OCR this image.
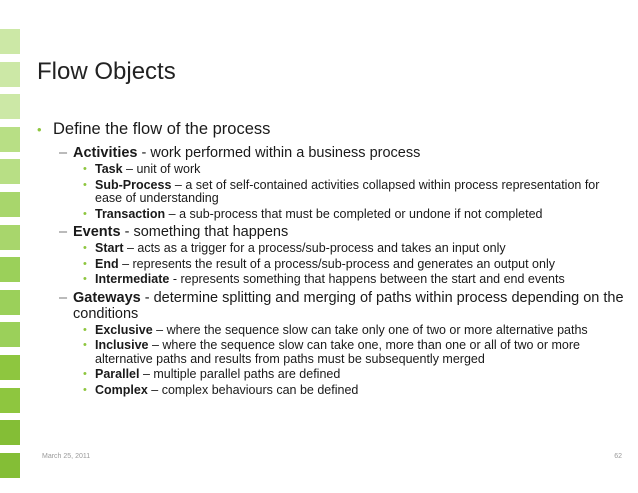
Flow Objects
• Define the flow of the process
– Activities - work performed within a business process
• Task – unit of work
• Sub-Process – a set of self-contained activities collapsed within process representation for ease of understanding
• Transaction – a sub-process that must be completed or undone if not completed
– Events - something that happens
• Start – acts as a trigger for a process/sub-process and takes an input only
• End – represents the result of a process/sub-process and generates an output only
• Intermediate - represents something that happens between the start and end events
– Gateways - determine splitting and merging of paths within process depending on the conditions
• Exclusive – where the sequence slow can take only one of two or more alternative paths
• Inclusive – where the sequence slow can take one, more than one or all of two or more alternative paths and results from paths must be subsequently merged
• Parallel – multiple parallel paths are defined
• Complex – complex behaviours can be defined
March 25, 2011	62
